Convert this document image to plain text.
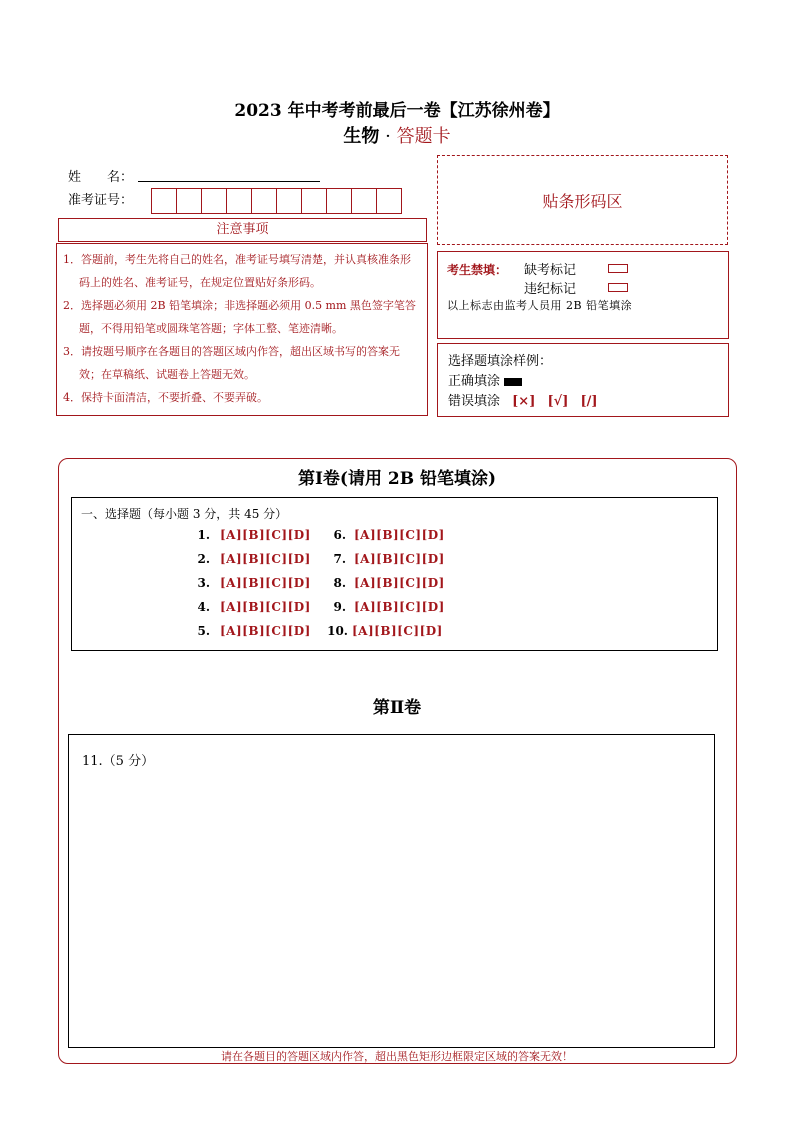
2023 年中考考前最后一卷【江苏徐州卷】
生物 · 答题卡
姓　　名：
准考证号：	贴条形码区
注意事项
1．答题前，考生先将自己的姓名，准考证号填写清楚，并认真核准条形码上的姓名、准考证号，在规定位置贴好条形码。
2．选择题必须用 2B 铅笔填涂；非选择题必须用 0.5 mm 黑色签字笔答题，不得用铅笔或圆珠笔答题；字体工整、笔迹清晰。
3．请按题号顺序在各题目的答题区域内作答，超出区域书写的答案无效；在草稿纸、试题卷上答题无效。
4．保持卡面清洁，不要折叠、不要弄破。
考生禁填： 缺考标记
违纪标记
以上标志由监考人员用 2B 铅笔填涂
选择题填涂样例：
正确填涂
错误填涂 [×] [√] [/]
第Ⅰ卷(请用 2B 铅笔填涂)
一、选择题（每小题 3 分，共 45 分）
1. [A][B][C][D]
2. [A][B][C][D]
3. [A][B][C][D]
4. [A][B][C][D]
5. [A][B][C][D]
6. [A][B][C][D]
7. [A][B][C][D]
8. [A][B][C][D]
9. [A][B][C][D]
10. [A][B][C][D]
第Ⅱ卷
11.（5 分）
请在各题目的答题区域内作答，超出黑色矩形边框限定区域的答案无效！
